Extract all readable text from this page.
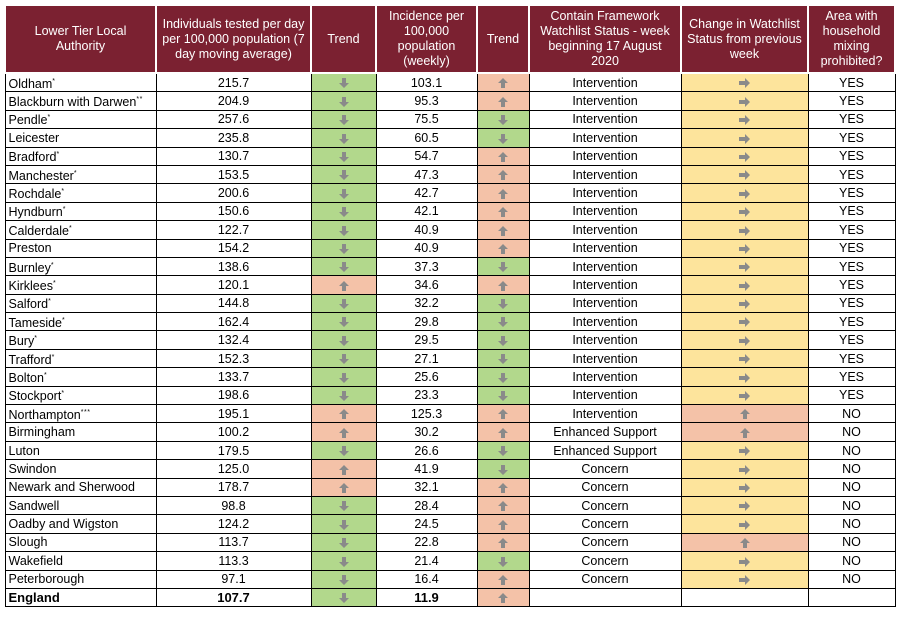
Lower Tier Local Authority	Individuals tested per day per 100,000 population (7 day moving average)	Trend	Incidence per 100,000 population (weekly)	Trend	Contain Framework Watchlist Status - week beginning 17 August 2020	Change in Watchlist Status from previous week	Area with household mixing prohibited?
Oldham*	215.7		103.1		Intervention		YES
Blackburn with Darwen**	204.9		95.3		Intervention		YES
Pendle*	257.6		75.5		Intervention		YES
Leicester	235.8		60.5		Intervention		YES
Bradford*	130.7		54.7		Intervention		YES
Manchester*	153.5		47.3		Intervention		YES
Rochdale*	200.6		42.7		Intervention		YES
Hyndburn*	150.6		42.1		Intervention		YES
Calderdale*	122.7		40.9		Intervention		YES
Preston	154.2		40.9		Intervention		YES
Burnley*	138.6		37.3		Intervention		YES
Kirklees*	120.1		34.6		Intervention		YES
Salford*	144.8		32.2		Intervention		YES
Tameside*	162.4		29.8		Intervention		YES
Bury*	132.4		29.5		Intervention		YES
Trafford*	152.3		27.1		Intervention		YES
Bolton*	133.7		25.6		Intervention		YES
Stockport*	198.6		23.3		Intervention		YES
Northampton***	195.1		125.3		Intervention		NO
Birmingham	100.2		30.2		Enhanced Support		NO
Luton	179.5		26.6		Enhanced Support		NO
Swindon	125.0		41.9		Concern		NO
Newark and Sherwood	178.7		32.1		Concern		NO
Sandwell	98.8		28.4		Concern		NO
Oadby and Wigston	124.2		24.5		Concern		NO
Slough	113.7		22.8		Concern		NO
Wakefield	113.3		21.4		Concern		NO
Peterborough	97.1		16.4		Concern		NO
England	107.7		11.9	
